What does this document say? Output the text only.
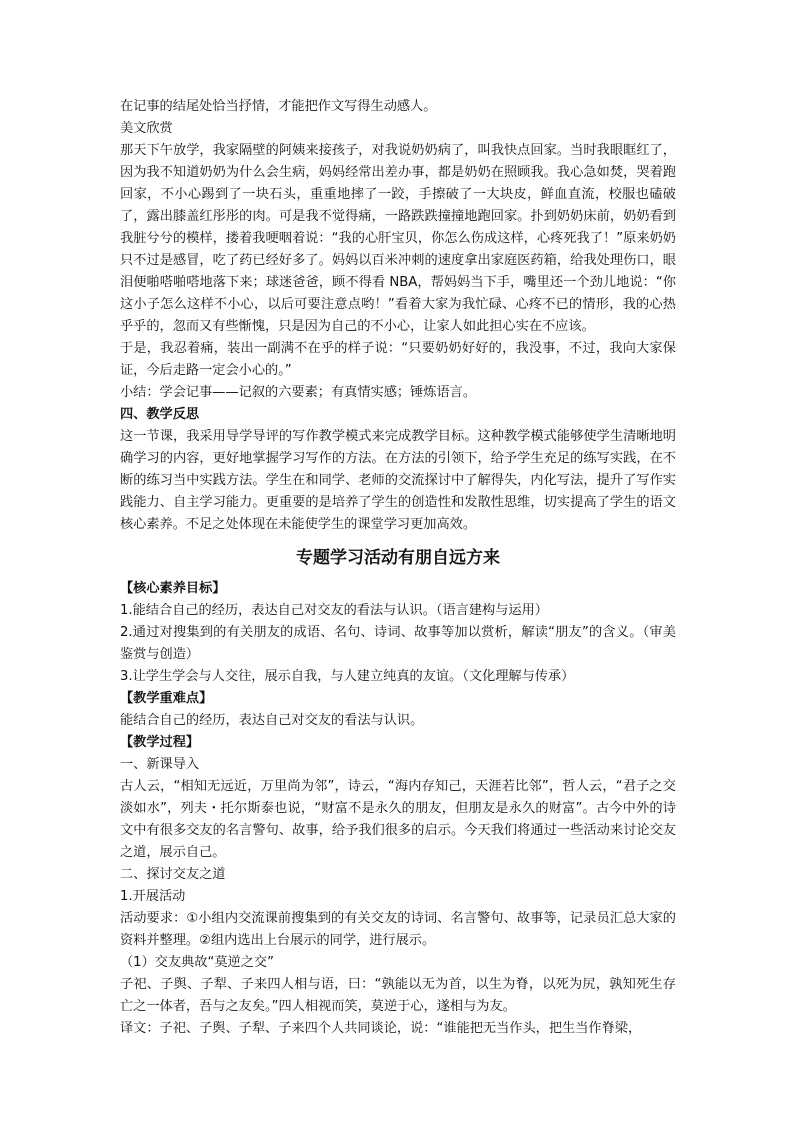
在记事的结尾处恰当抒情，才能把作文写得生动感人。

美文欣赏

那天下午放学，我家隔壁的阿姨来接孩子，对我说奶奶病了，叫我快点回家。当时我眼眶红了，因为我不知道奶奶为什么会生病，妈妈经常出差办事，都是奶奶在照顾我。我心急如焚，哭着跑回家，不小心踢到了一块石头，重重地摔了一跤，手擦破了一大块皮，鲜血直流，校服也磕破了，露出膝盖红彤彤的肉。可是我不觉得痛，一路跌跌撞撞地跑回家。扑到奶奶床前，奶奶看到我脏兮兮的模样，搂着我哽咽着说：“我的心肝宝贝，你怎么伤成这样，心疼死我了！”原来奶奶只不过是感冒，吃了药已经好多了。妈妈以百米冲刺的速度拿出家庭医药箱，给我处理伤口，眼泪便啪嗒啪嗒地落下来；球迷爸爸，顾不得看 NBA，帮妈妈当下手，嘴里还一个劲儿地说：“你这小子怎么这样不小心，以后可要注意点哟！”看着大家为我忙碌、心疼不已的情形，我的心热乎乎的，忽而又有些惭愧，只是因为自己的不小心，让家人如此担心实在不应该。

于是，我忍着痛，装出一副满不在乎的样子说：“只要奶奶好好的，我没事，不过，我向大家保证，今后走路一定会小心的。”

小结：学会记事——记叙的六要素；有真情实感；锤炼语言。

四、教学反思

这一节课，我采用导学导评的写作教学模式来完成教学目标。这种教学模式能够使学生清晰地明确学习的内容，更好地掌握学习写作的方法。在方法的引领下，给予学生充足的练写实践，在不断的练习当中实践方法。学生在和同学、老师的交流探讨中了解得失，内化写法，提升了写作实践能力、自主学习能力。更重要的是培养了学生的创造性和发散性思维，切实提高了学生的语文核心素养。不足之处体现在未能使学生的课堂学习更加高效。

专题学习活动有朋自远方来

【核心素养目标】

1.能结合自己的经历，表达自己对交友的看法与认识。（语言建构与运用）

2.通过对搜集到的有关朋友的成语、名句、诗词、故事等加以赏析，解读“朋友”的含义。（审美鉴赏与创造）

3.让学生学会与人交往，展示自我，与人建立纯真的友谊。（文化理解与传承）

【教学重难点】

能结合自己的经历，表达自己对交友的看法与认识。

【教学过程】

一、新课导入

古人云，“相知无远近，万里尚为邻”，诗云，“海内存知己，天涯若比邻”，哲人云，“君子之交淡如水”，列夫・托尔斯泰也说，“财富不是永久的朋友，但朋友是永久的财富”。古今中外的诗文中有很多交友的名言警句、故事，给予我们很多的启示。今天我们将通过一些活动来讨论交友之道，展示自己。

二、探讨交友之道

1.开展活动

活动要求：①小组内交流课前搜集到的有关交友的诗词、名言警句、故事等，记录员汇总大家的资料并整理。②组内选出上台展示的同学，进行展示。

（1）交友典故“莫逆之交”

子祀、子舆、子犁、子来四人相与语，曰：“孰能以无为首，以生为脊，以死为尻，孰知死生存亡之一体者，吾与之友矣。”四人相视而笑，莫逆于心，遂相与为友。

译文：子祀、子舆、子犁、子来四个人共同谈论，说：“谁能把无当作头，把生当作脊梁，
